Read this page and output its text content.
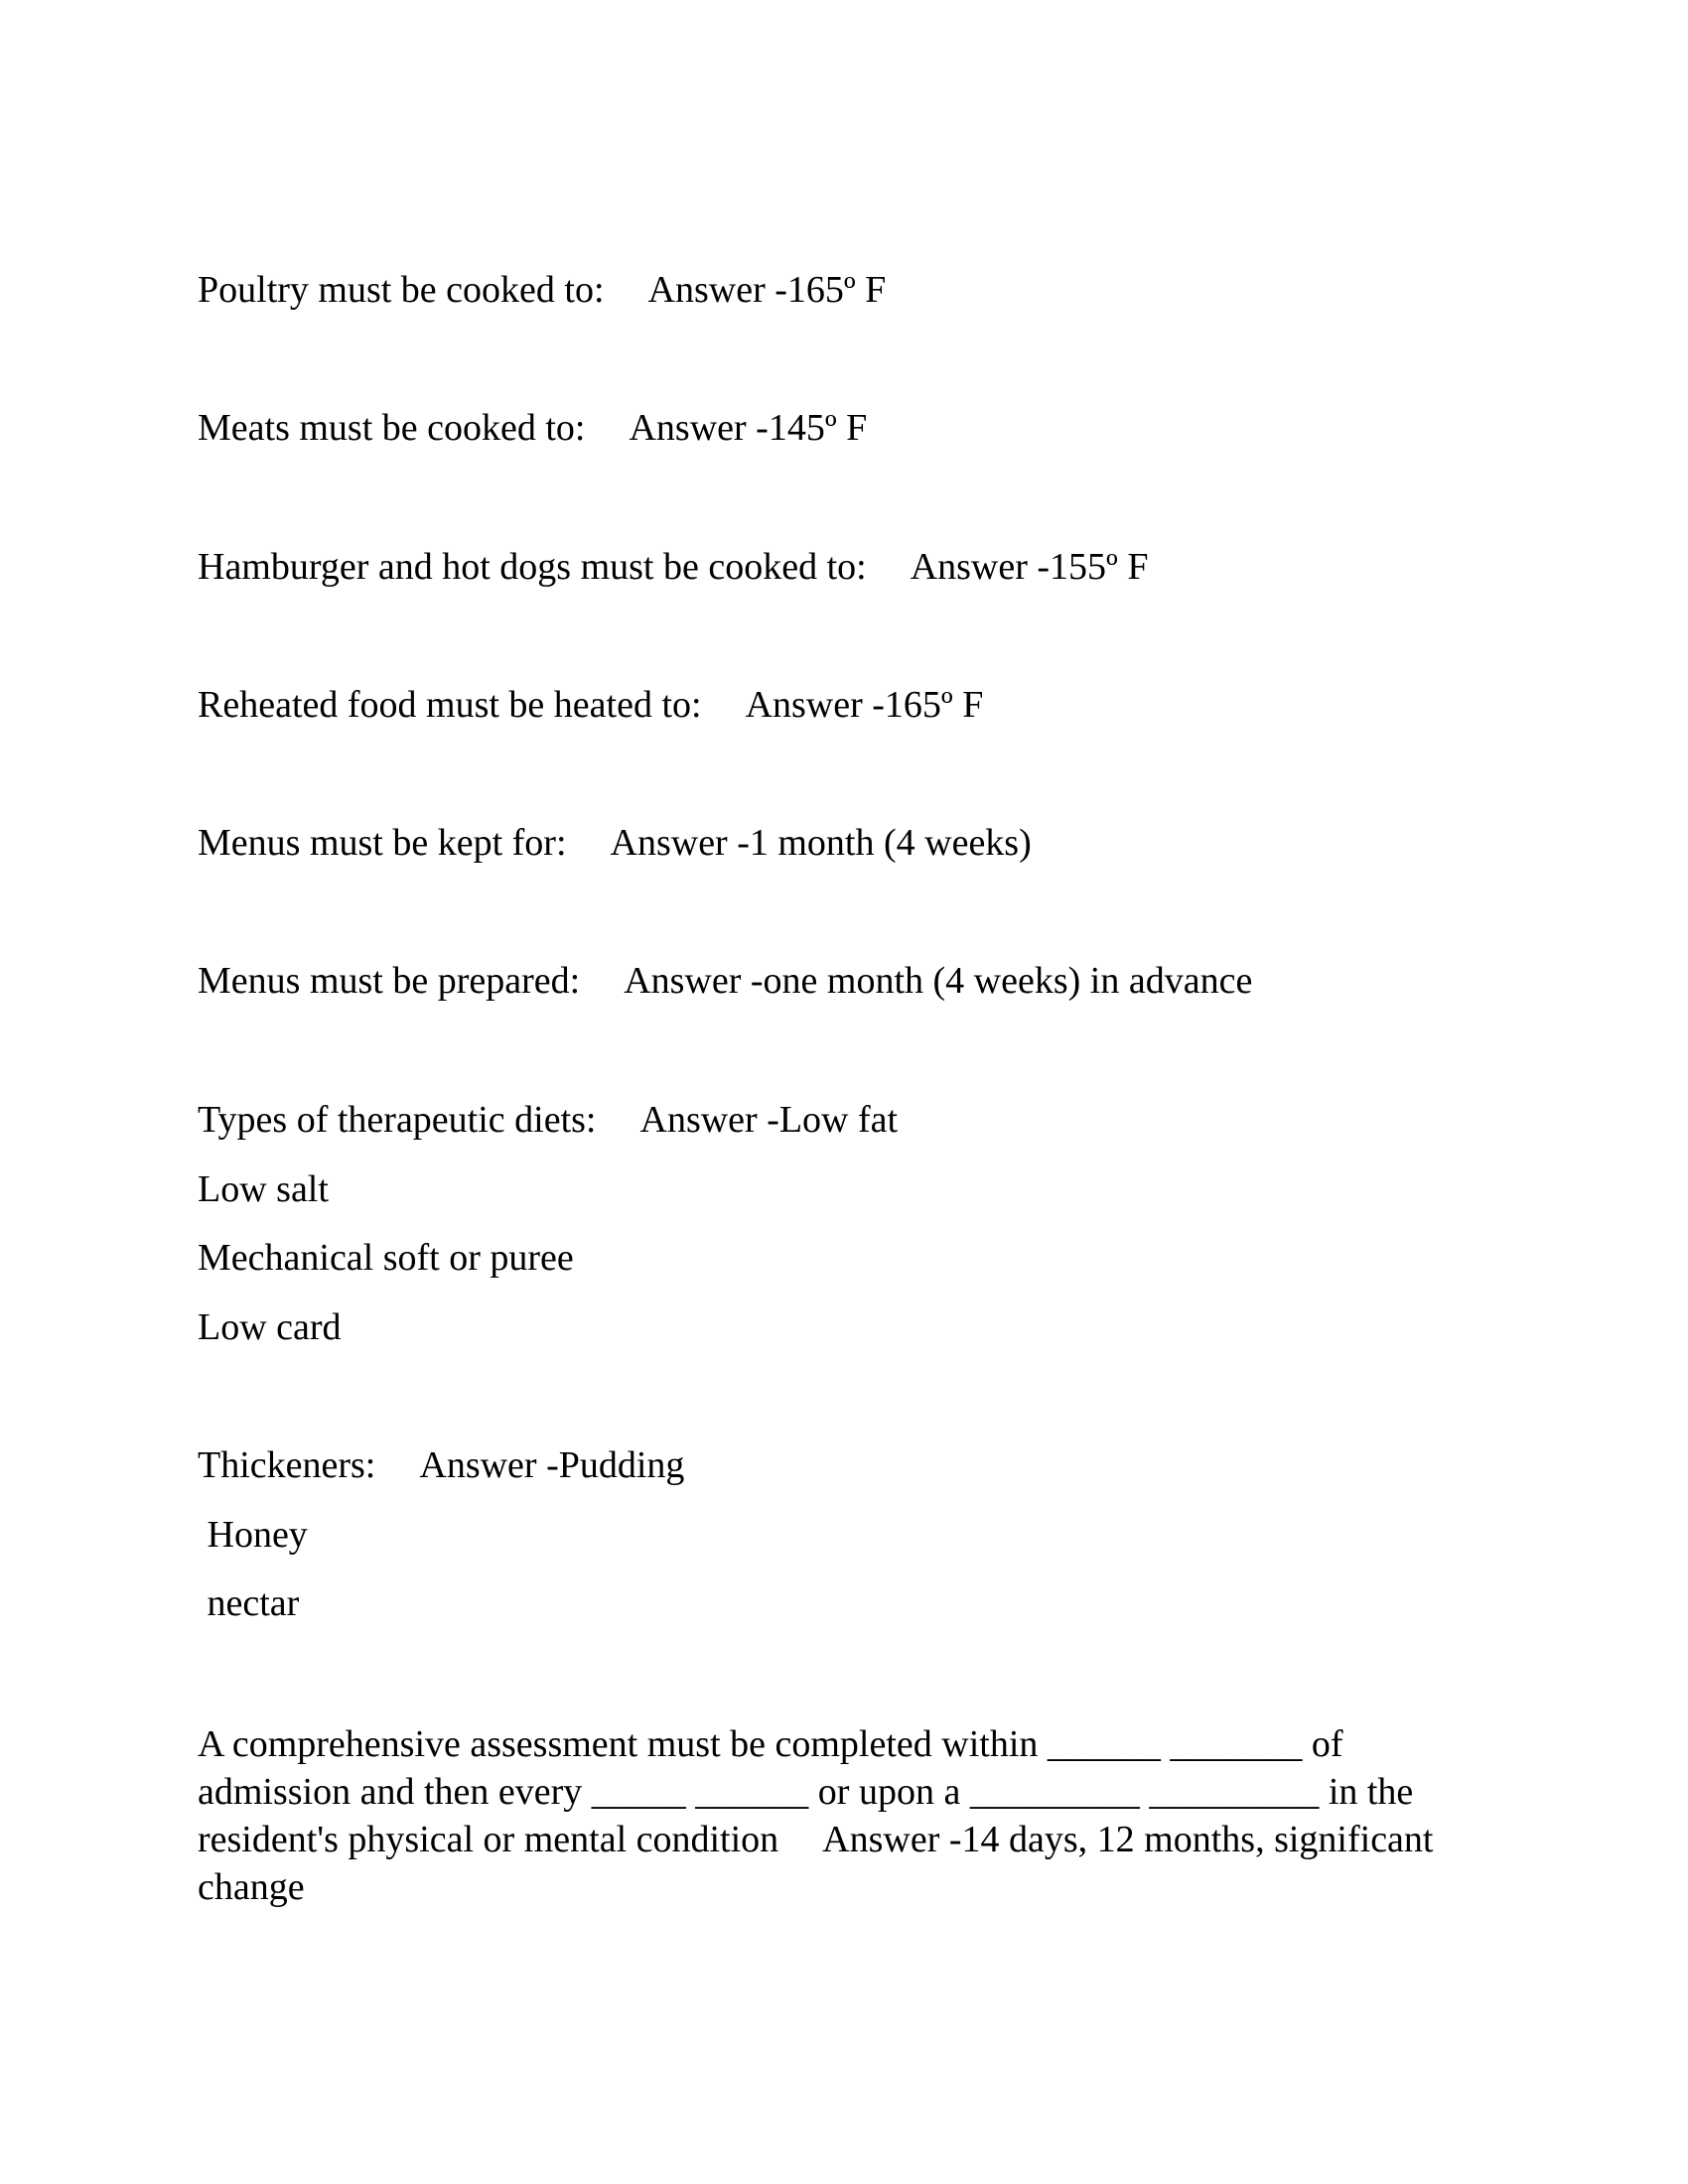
Poultry must be cooked to: Answer -165º F

Meats must be cooked to: Answer -145º F

Hamburger and hot dogs must be cooked to: Answer -155º F

Reheated food must be heated to: Answer -165º F

Menus must be kept for: Answer -1 month (4 weeks)

Menus must be prepared: Answer -one month (4 weeks) in advance

Types of therapeutic diets: Answer -Low fat

Low salt

Mechanical soft or puree

Low card

Thickeners: Answer -Pudding

Honey

nectar

A comprehensive assessment must be completed within ______ _______ of
admission and then every _____ ______ or upon a _________ _________ in the
resident's physical or mental condition Answer -14 days, 12 months, significant
change
